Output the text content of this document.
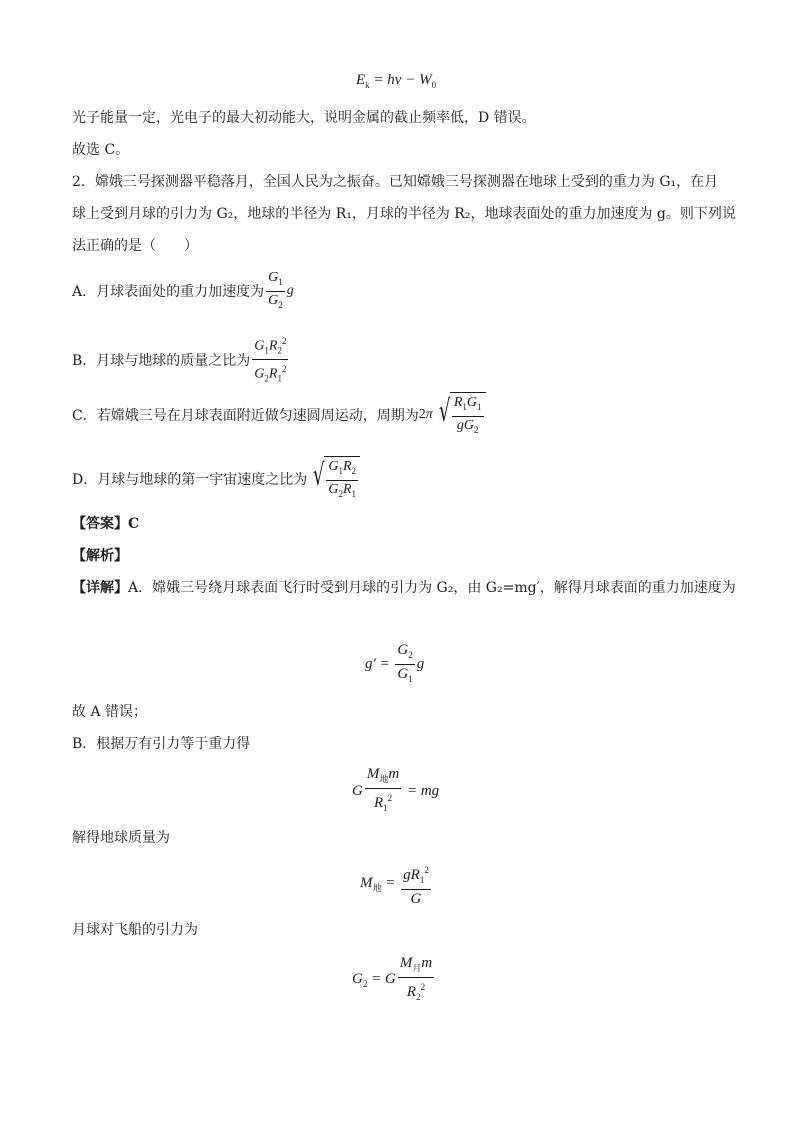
$E_k = h\nu - W_0$
光子能量一定，光电子的最大初动能大，说明金属的截止频率低，D 错误。
故选 C。
2．嫦娥三号探测器平稳落月，全国人民为之振奋。已知嫦娥三号探测器在地球上受到的重力为 G₁，在月
球上受到月球的引力为 G₂，地球的半径为 R₁，月球的半径为 R₂，地球表面处的重力加速度为 g。则下列说
法正确的是（　　）
A．月球表面处的重力加速度为 $\frac{G_1}{G_2}$ g
B．月球与地球的质量之比为 $\frac{G_1R_2^2}{G_2R_1^2}$
C．若嫦娥三号在月球表面附近做匀速圆周运动，周期为 2 π √ $\frac{R_1G_1}{gG_2}$
D．月球与地球的第一宇宙速度之比为 √ $\frac{G_1R_2}{G_2R_1}$
【答案】C
【解析】
【详解】A．嫦娥三号绕月球表面飞行时受到月球的引力为 G₂，由 G₂=mg′，解得月球表面的重力加速度为
$g' = \frac{G_2}{G_1}$ g
故 A 错误；
B．根据万有引力等于重力得
G $\frac{M_地m}{R_1^2}$ = mg
解得地球质量为
$M_地 = \frac{gR_1^2}{G}$
月球对飞船的引力为
$G_2 = G \frac{M_月m}{R_2^2}$
